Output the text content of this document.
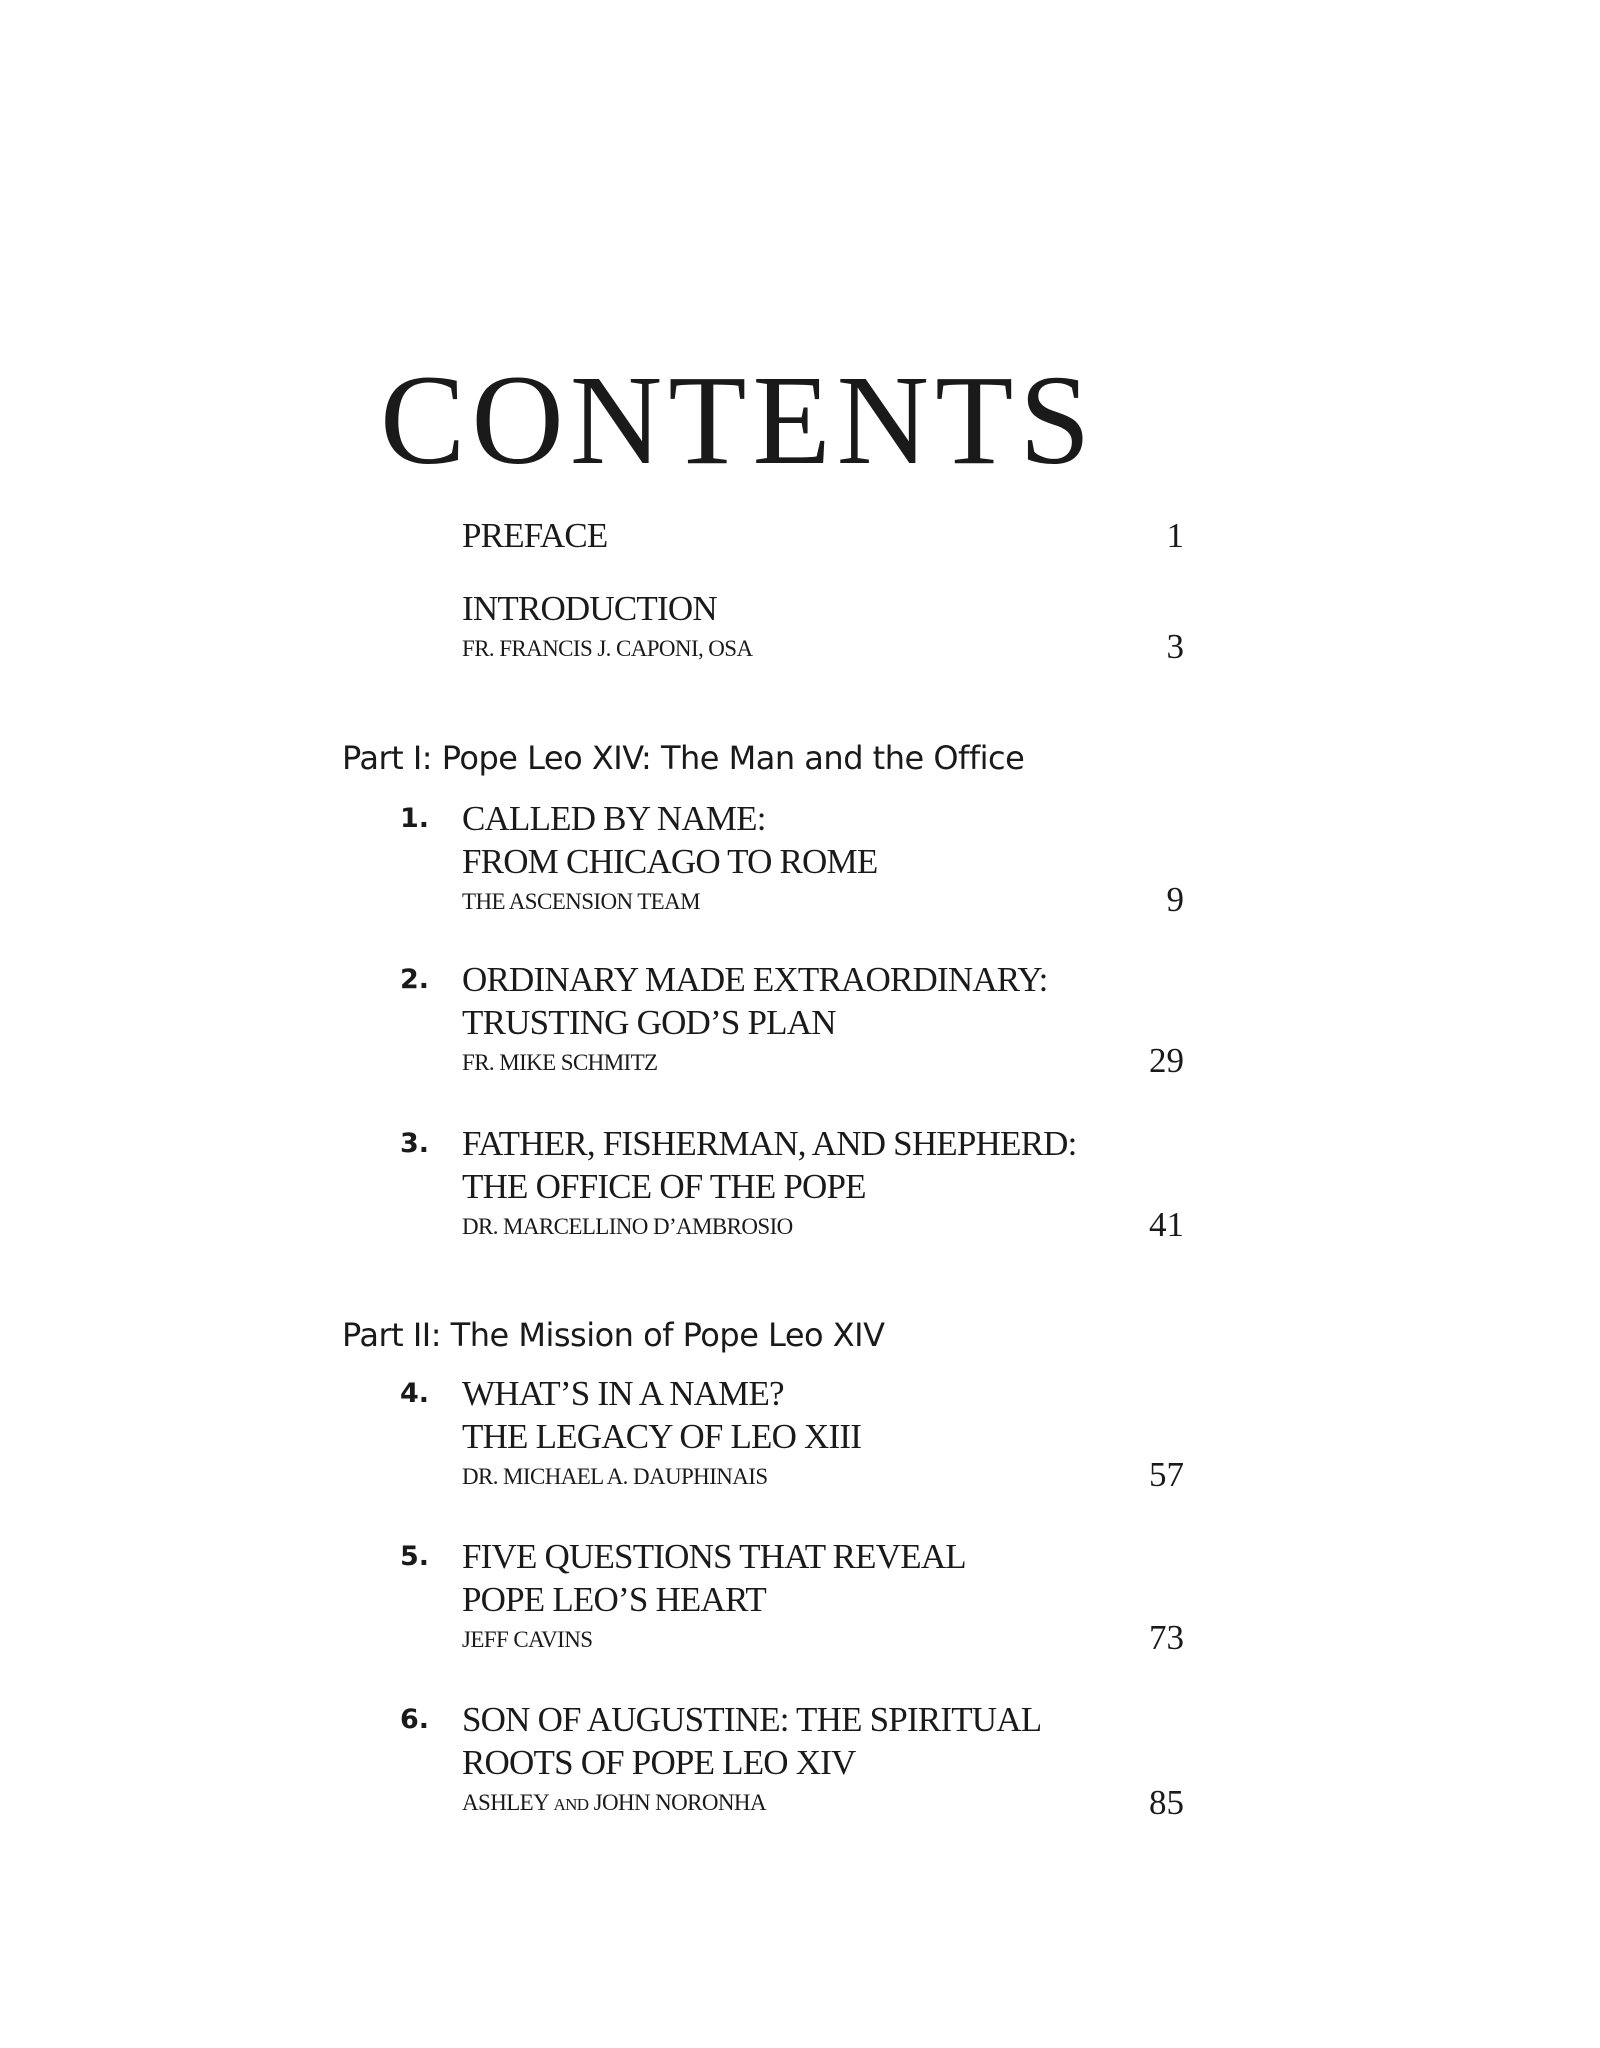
CONTENTS
PREFACE	1
INTRODUCTION
FR. FRANCIS J. CAPONI, OSA	3
Part I: Pope Leo XIV: The Man and the Office
1. CALLED BY NAME:
FROM CHICAGO TO ROME
THE ASCENSION TEAM	9
2. ORDINARY MADE EXTRAORDINARY:
TRUSTING GOD’S PLAN
FR. MIKE SCHMITZ	29
3. FATHER, FISHERMAN, AND SHEPHERD:
THE OFFICE OF THE POPE
DR. MARCELLINO D’AMBROSIO	41
Part II: The Mission of Pope Leo XIV
4. WHAT’S IN A NAME?
THE LEGACY OF LEO XIII
DR. MICHAEL A. DAUPHINAIS	57
5. FIVE QUESTIONS THAT REVEAL
POPE LEO’S HEART
JEFF CAVINS	73
6. SON OF AUGUSTINE: THE SPIRITUAL
ROOTS OF POPE LEO XIV
ASHLEY AND JOHN NORONHA	85
